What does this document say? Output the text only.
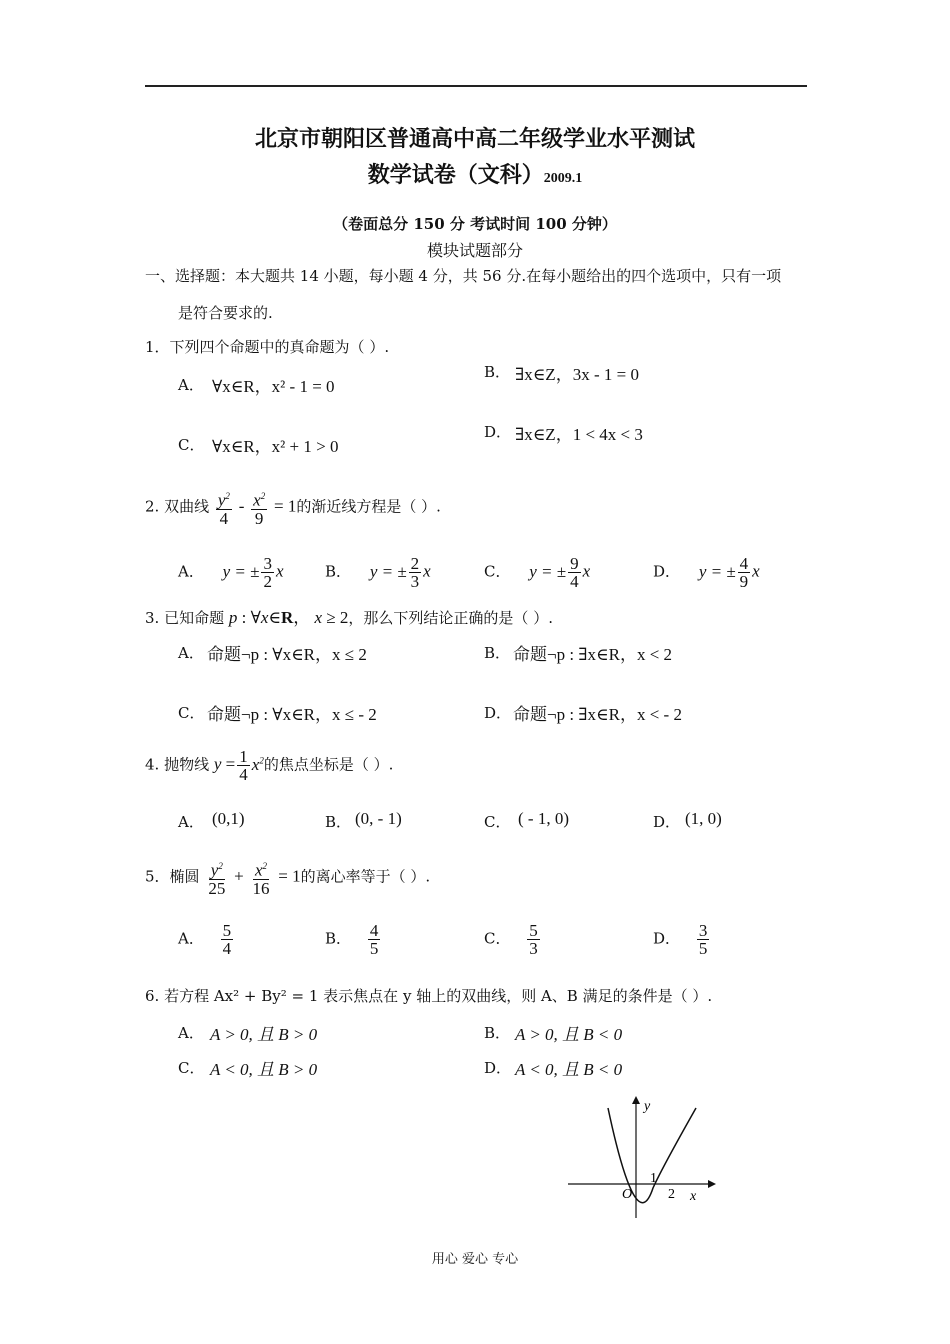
北京市朝阳区普通高中高二年级学业水平测试
数学试卷（文科）2009.1
（卷面总分 150 分 考试时间 100 分钟）
模块试题部分
一、选择题：本大题共 14 小题，每小题 4 分，共 56 分.在每小题给出的四个选项中，只有一项
是符合要求的.
1．下列四个命题中的真命题为（ ）.
A． ∀x∈R，x² - 1 = 0
B． ∃x∈Z，3x - 1 = 0
C． ∀x∈R，x² + 1 > 0
D． ∃x∈Z，1 < 4x < 3
2. 双曲线 $\frac{y^2}{4} - \frac{x^2}{9} = 1$的渐近线方程是（ ）.
A． y = ± $\frac{3}{2}$ x	B． y = ± $\frac{2}{3}$ x	C． y = ± $\frac{9}{4}$ x	D． y = ± $\frac{4}{9}$ x
3. 已知命题 p : ∀x∈R， x ≥ 2，那么下列结论正确的是（ ）.
A． 命题¬p : ∀x∈R，x ≤ 2	B． 命题¬p : ∃x∈R，x < 2
C． 命题¬p : ∀x∈R，x ≤ - 2	D． 命题¬p : ∃x∈R，x < - 2
4. 抛物线 $y = \frac{1}{4} x^2$的焦点坐标是（ ）.
A． (0,1)	B． (0, - 1)	C． ( - 1, 0)	D． (1, 0)
5．椭圆 $\frac{y^2}{25} + \frac{x^2}{16} = 1$的离心率等于（ ）.
A． $\frac{5}{4}$	B． $\frac{4}{5}$	C． $\frac{5}{3}$	D． $\frac{3}{5}$
6. 若方程 Ax² + By² = 1 表示焦点在 y 轴上的双曲线，则 A、B 满足的条件是（ ）.
A． A > 0, 且 B > 0	B． A > 0, 且 B < 0
C． A < 0, 且 B > 0	D． A < 0, 且 B < 0
y
x
O
1
2
用心 爱心 专心
